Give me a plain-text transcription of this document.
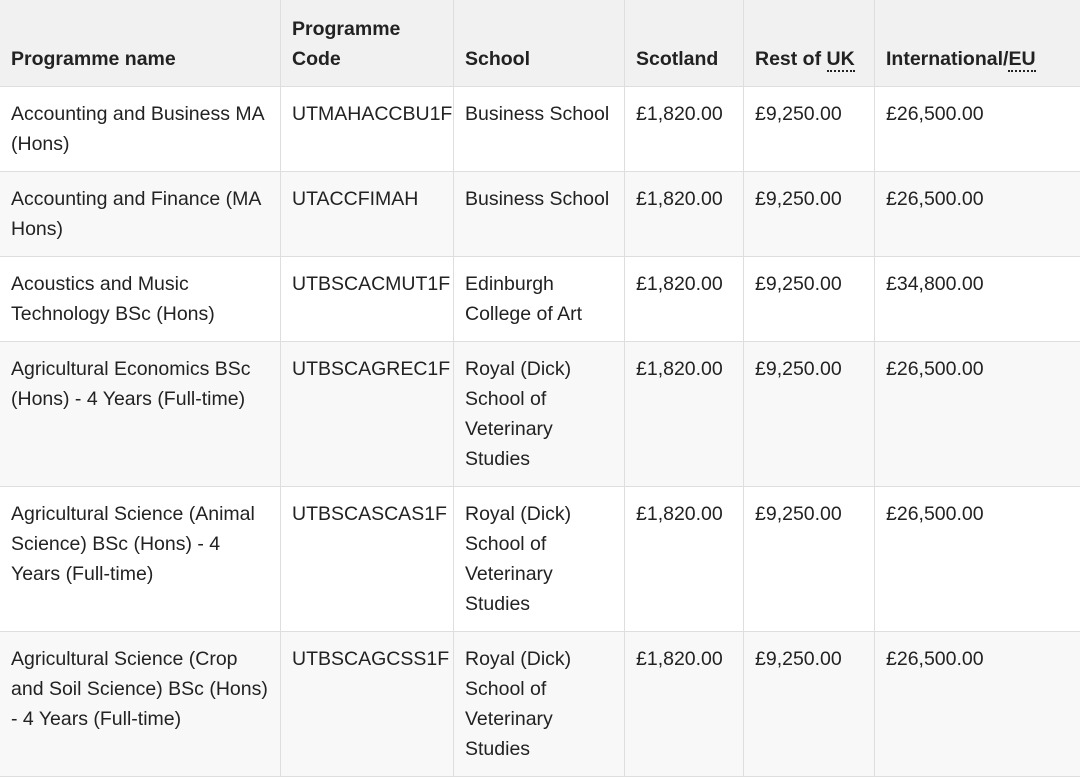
Programme name	Programme Code	School	Scotland	Rest of UK	International/EU
Accounting and Business MA (Hons)	UTMAHACCBU1F	Business School	£1,820.00	£9,250.00	£26,500.00
Accounting and Finance (MA Hons)	UTACCFIMAH	Business School	£1,820.00	£9,250.00	£26,500.00
Acoustics and Music Technology BSc (Hons)	UTBSCACMUT1F	Edinburgh College of Art	£1,820.00	£9,250.00	£34,800.00
Agricultural Economics BSc (Hons) - 4 Years (Full-time)	UTBSCAGREC1F	Royal (Dick) School of Veterinary Studies	£1,820.00	£9,250.00	£26,500.00
Agricultural Science (Animal Science) BSc (Hons) - 4 Years (Full-time)	UTBSCASCAS1F	Royal (Dick) School of Veterinary Studies	£1,820.00	£9,250.00	£26,500.00
Agricultural Science (Crop and Soil Science) BSc (Hons) - 4 Years (Full-time)	UTBSCAGCSS1F	Royal (Dick) School of Veterinary Studies	£1,820.00	£9,250.00	£26,500.00
